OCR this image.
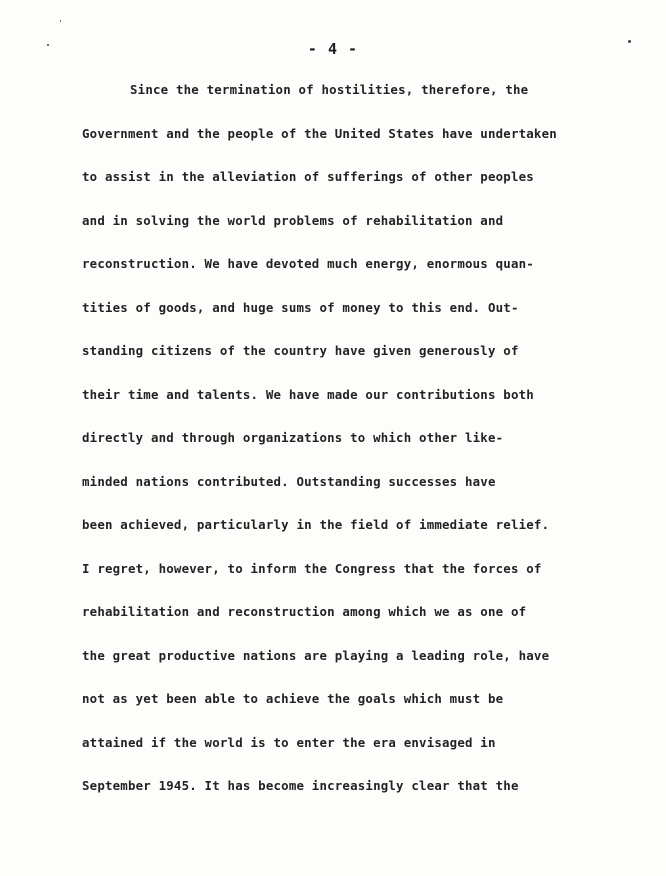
- 4 -
Since the termination of hostilities, therefore, the
Government and the people of the United States have undertaken
to assist in the alleviation of sufferings of other peoples
and in solving the world problems of rehabilitation and
reconstruction. We have devoted much energy, enormous quan-
tities of goods, and huge sums of money to this end. Out-
standing citizens of the country have given generously of
their time and talents. We have made our contributions both
directly and through organizations to which other like-
minded nations contributed. Outstanding successes have
been achieved, particularly in the field of immediate relief.
I regret, however, to inform the Congress that the forces of
rehabilitation and reconstruction among which we as one of
the great productive nations are playing a leading role, have
not as yet been able to achieve the goals which must be
attained if the world is to enter the era envisaged in
September 1945. It has become increasingly clear that the
